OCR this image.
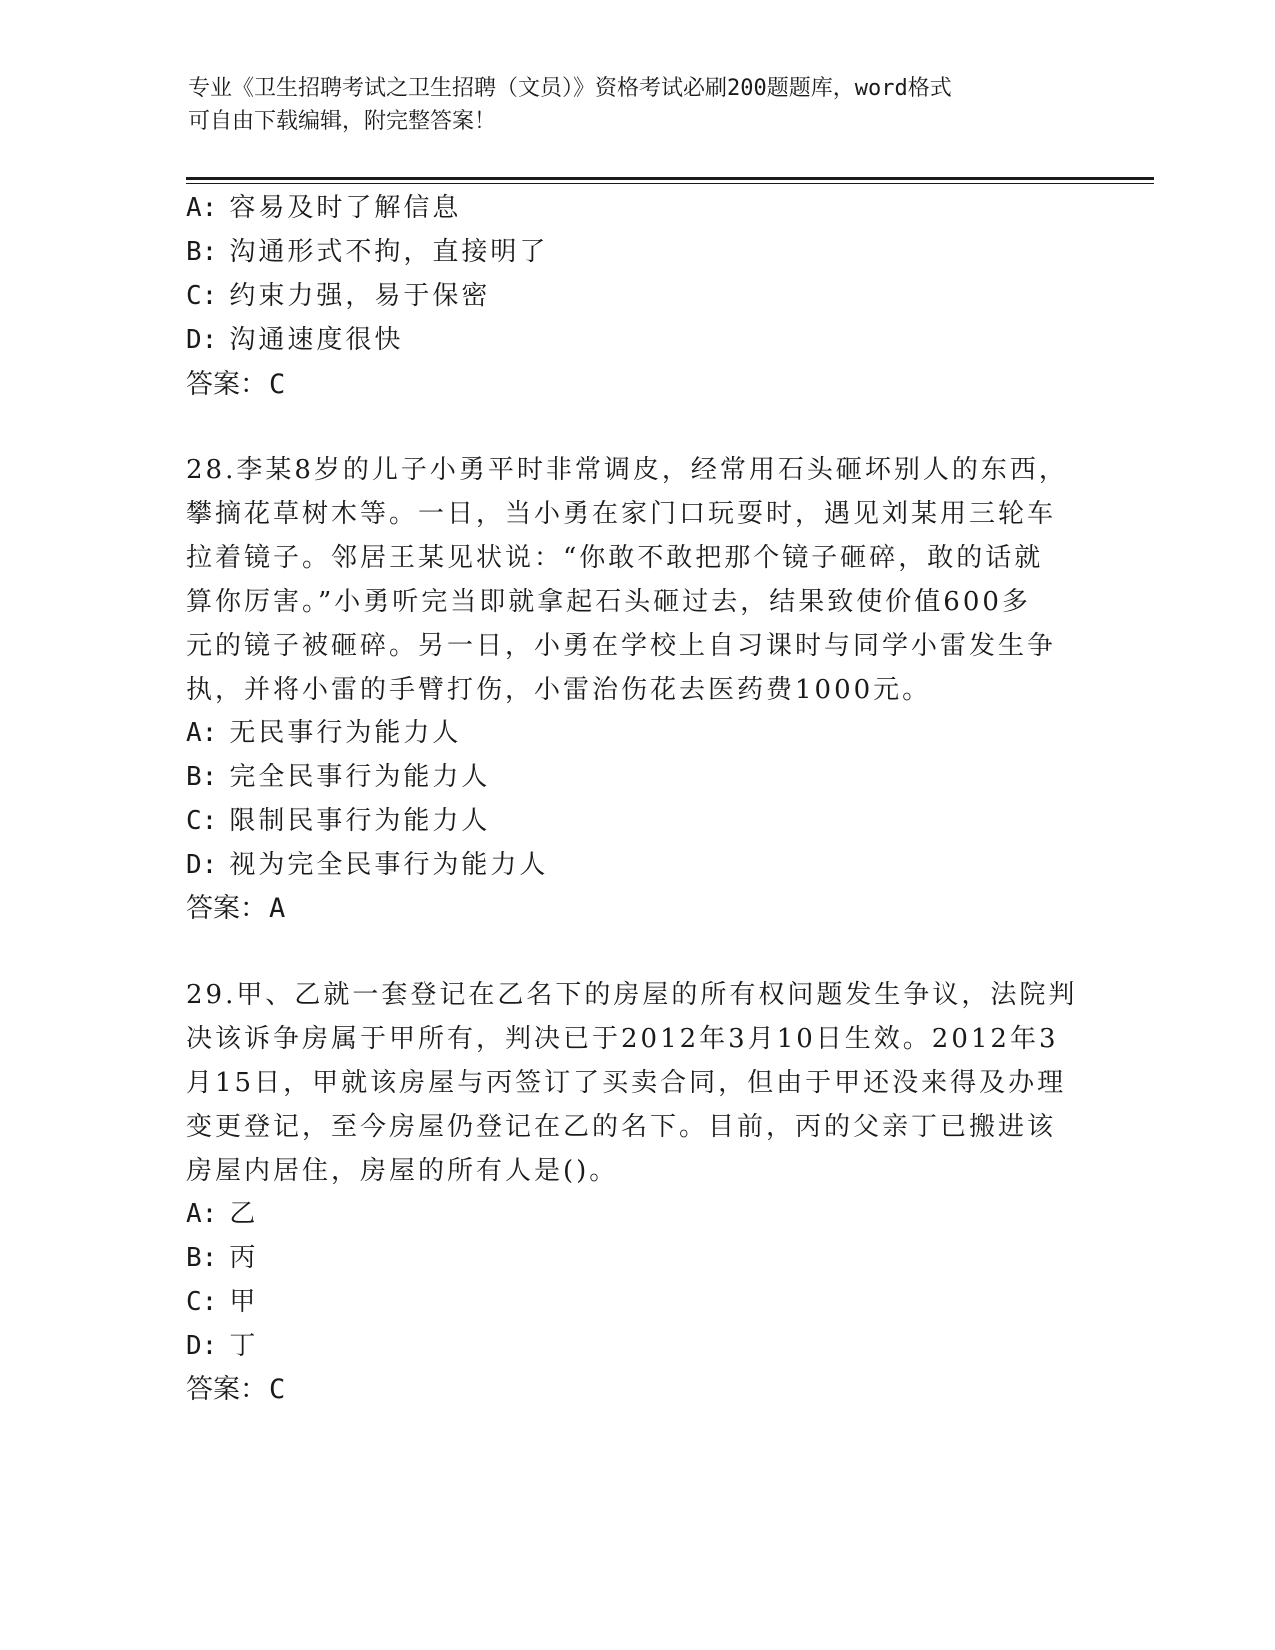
专业《卫生招聘考试之卫生招聘（文员）》资格考试必刷200题题库，word格式
可自由下载编辑，附完整答案！
A: 容易及时了解信息
B: 沟通形式不拘，直接明了
C: 约束力强，易于保密
D: 沟通速度很快
答案：C
28.李某8岁的儿子小勇平时非常调皮，经常用石头砸坏别人的东西，
攀摘花草树木等。一日，当小勇在家门口玩耍时，遇见刘某用三轮车
拉着镜子。邻居王某见状说：“你敢不敢把那个镜子砸碎，敢的话就
算你厉害。”小勇听完当即就拿起石头砸过去，结果致使价值600多
元的镜子被砸碎。另一日，小勇在学校上自习课时与同学小雷发生争
执，并将小雷的手臂打伤，小雷治伤花去医药费1000元。
A: 无民事行为能力人
B: 完全民事行为能力人
C: 限制民事行为能力人
D: 视为完全民事行为能力人
答案：A
29.甲、乙就一套登记在乙名下的房屋的所有权问题发生争议，法院判
决该诉争房属于甲所有，判决已于2012年3月10日生效。2012年3
月15日，甲就该房屋与丙签订了买卖合同，但由于甲还没来得及办理
变更登记，至今房屋仍登记在乙的名下。目前，丙的父亲丁已搬进该
房屋内居住，房屋的所有人是()。
A: 乙
B: 丙
C: 甲
D: 丁
答案：C
